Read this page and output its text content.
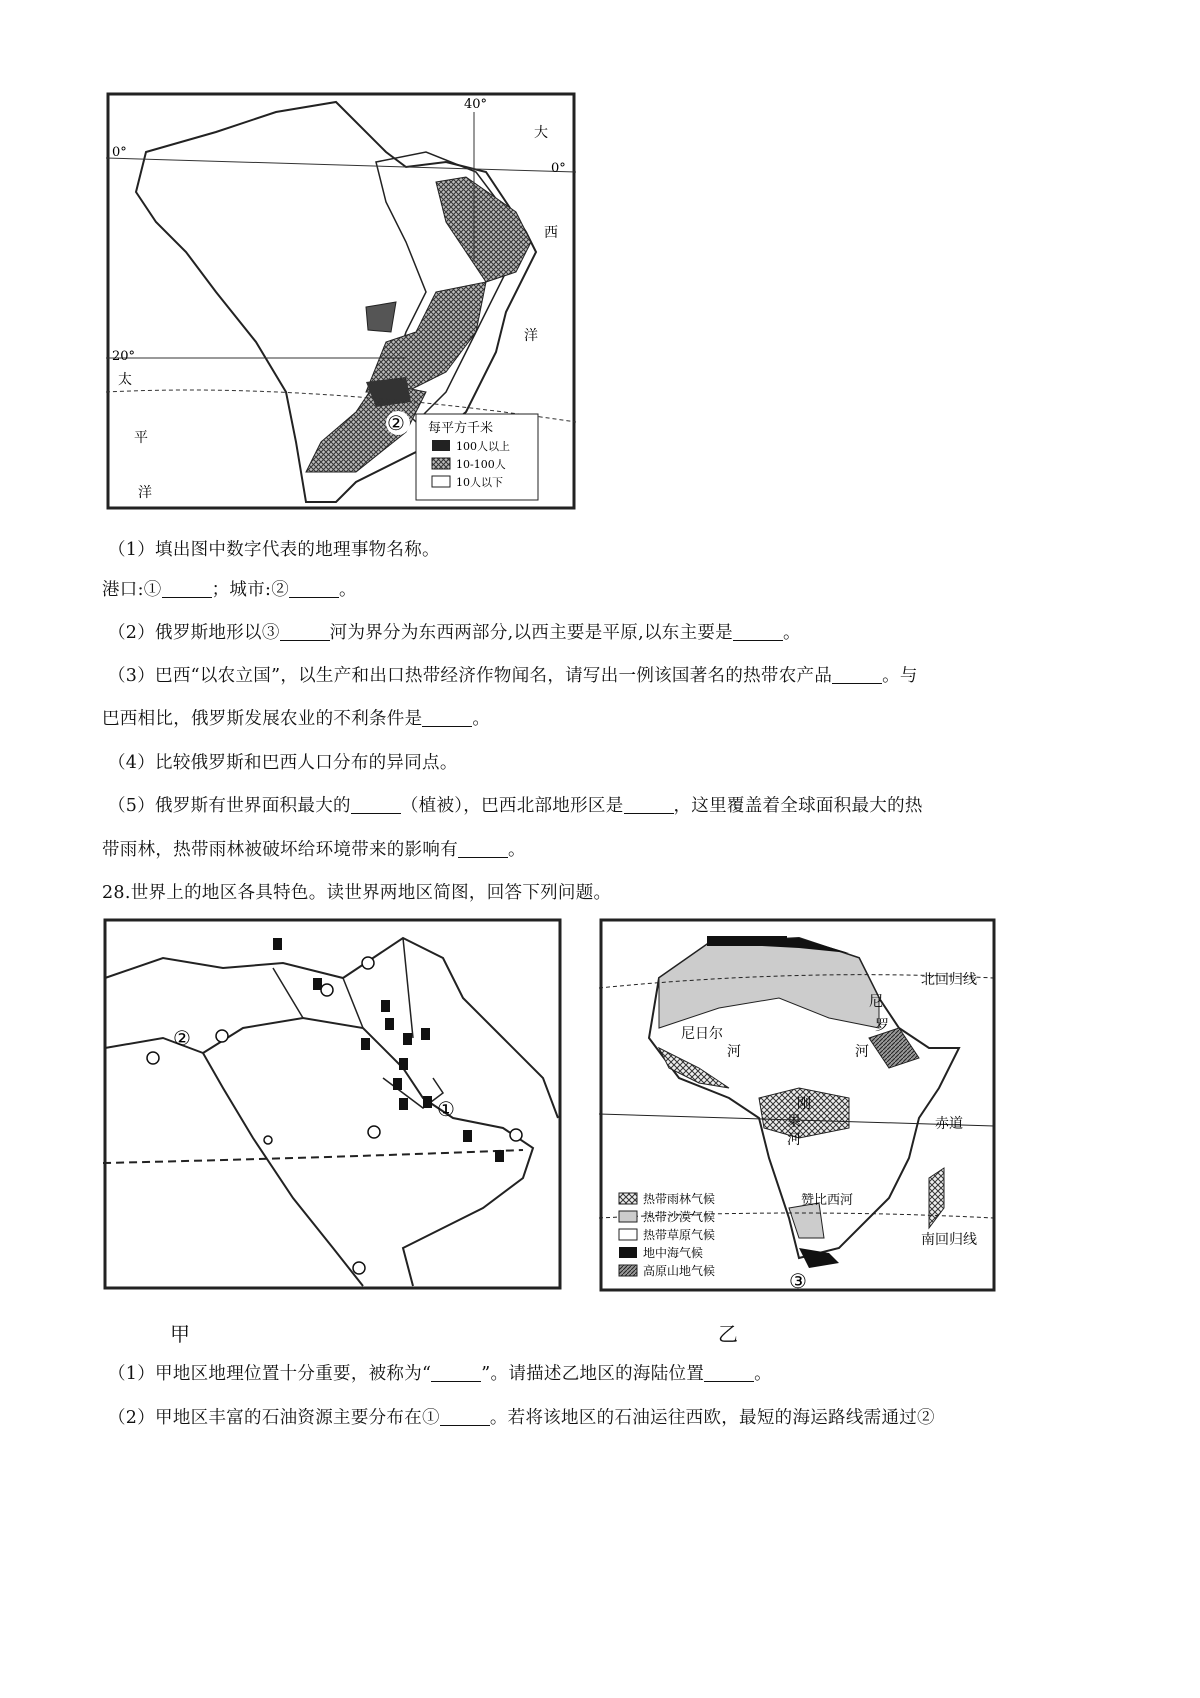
40°
0°
0°
20°
大
西
洋
太
平
洋
每平方千米
100人以上
10-100人
10人以下
②
（1）填出图中数字代表的地理事物名称。
港口:①	；城市:②	。
（2）俄罗斯地形以③	河为界分为东西两部分,以西主要是平原,以东主要是	。
（3）巴西“以农立国”，以生产和出口热带经济作物闻名，请写出一例该国著名的热带农产品	。与
巴西相比，俄罗斯发展农业的不利条件是	。
（4）比较俄罗斯和巴西人口分布的异同点。
（5）俄罗斯有世界面积最大的	（植被），巴西北部地形区是	，这里覆盖着全球面积最大的热
带雨林，热带雨林被破坏给环境带来的影响有	。
28.世界上的地区各具特色。读世界两地区简图，回答下列问题。
②
①
北回归线
赤道
南回归线
尼
罗
河
尼日尔
河
刚
果
河
赞比西河
③
热带雨林气候
热带沙漠气候
热带草原气候
地中海气候
高原山地气候
甲	乙
（1）甲地区地理位置十分重要，被称为“	”。请描述乙地区的海陆位置	。
（2）甲地区丰富的石油资源主要分布在①	。若将该地区的石油运往西欧，最短的海运路线需通过②
